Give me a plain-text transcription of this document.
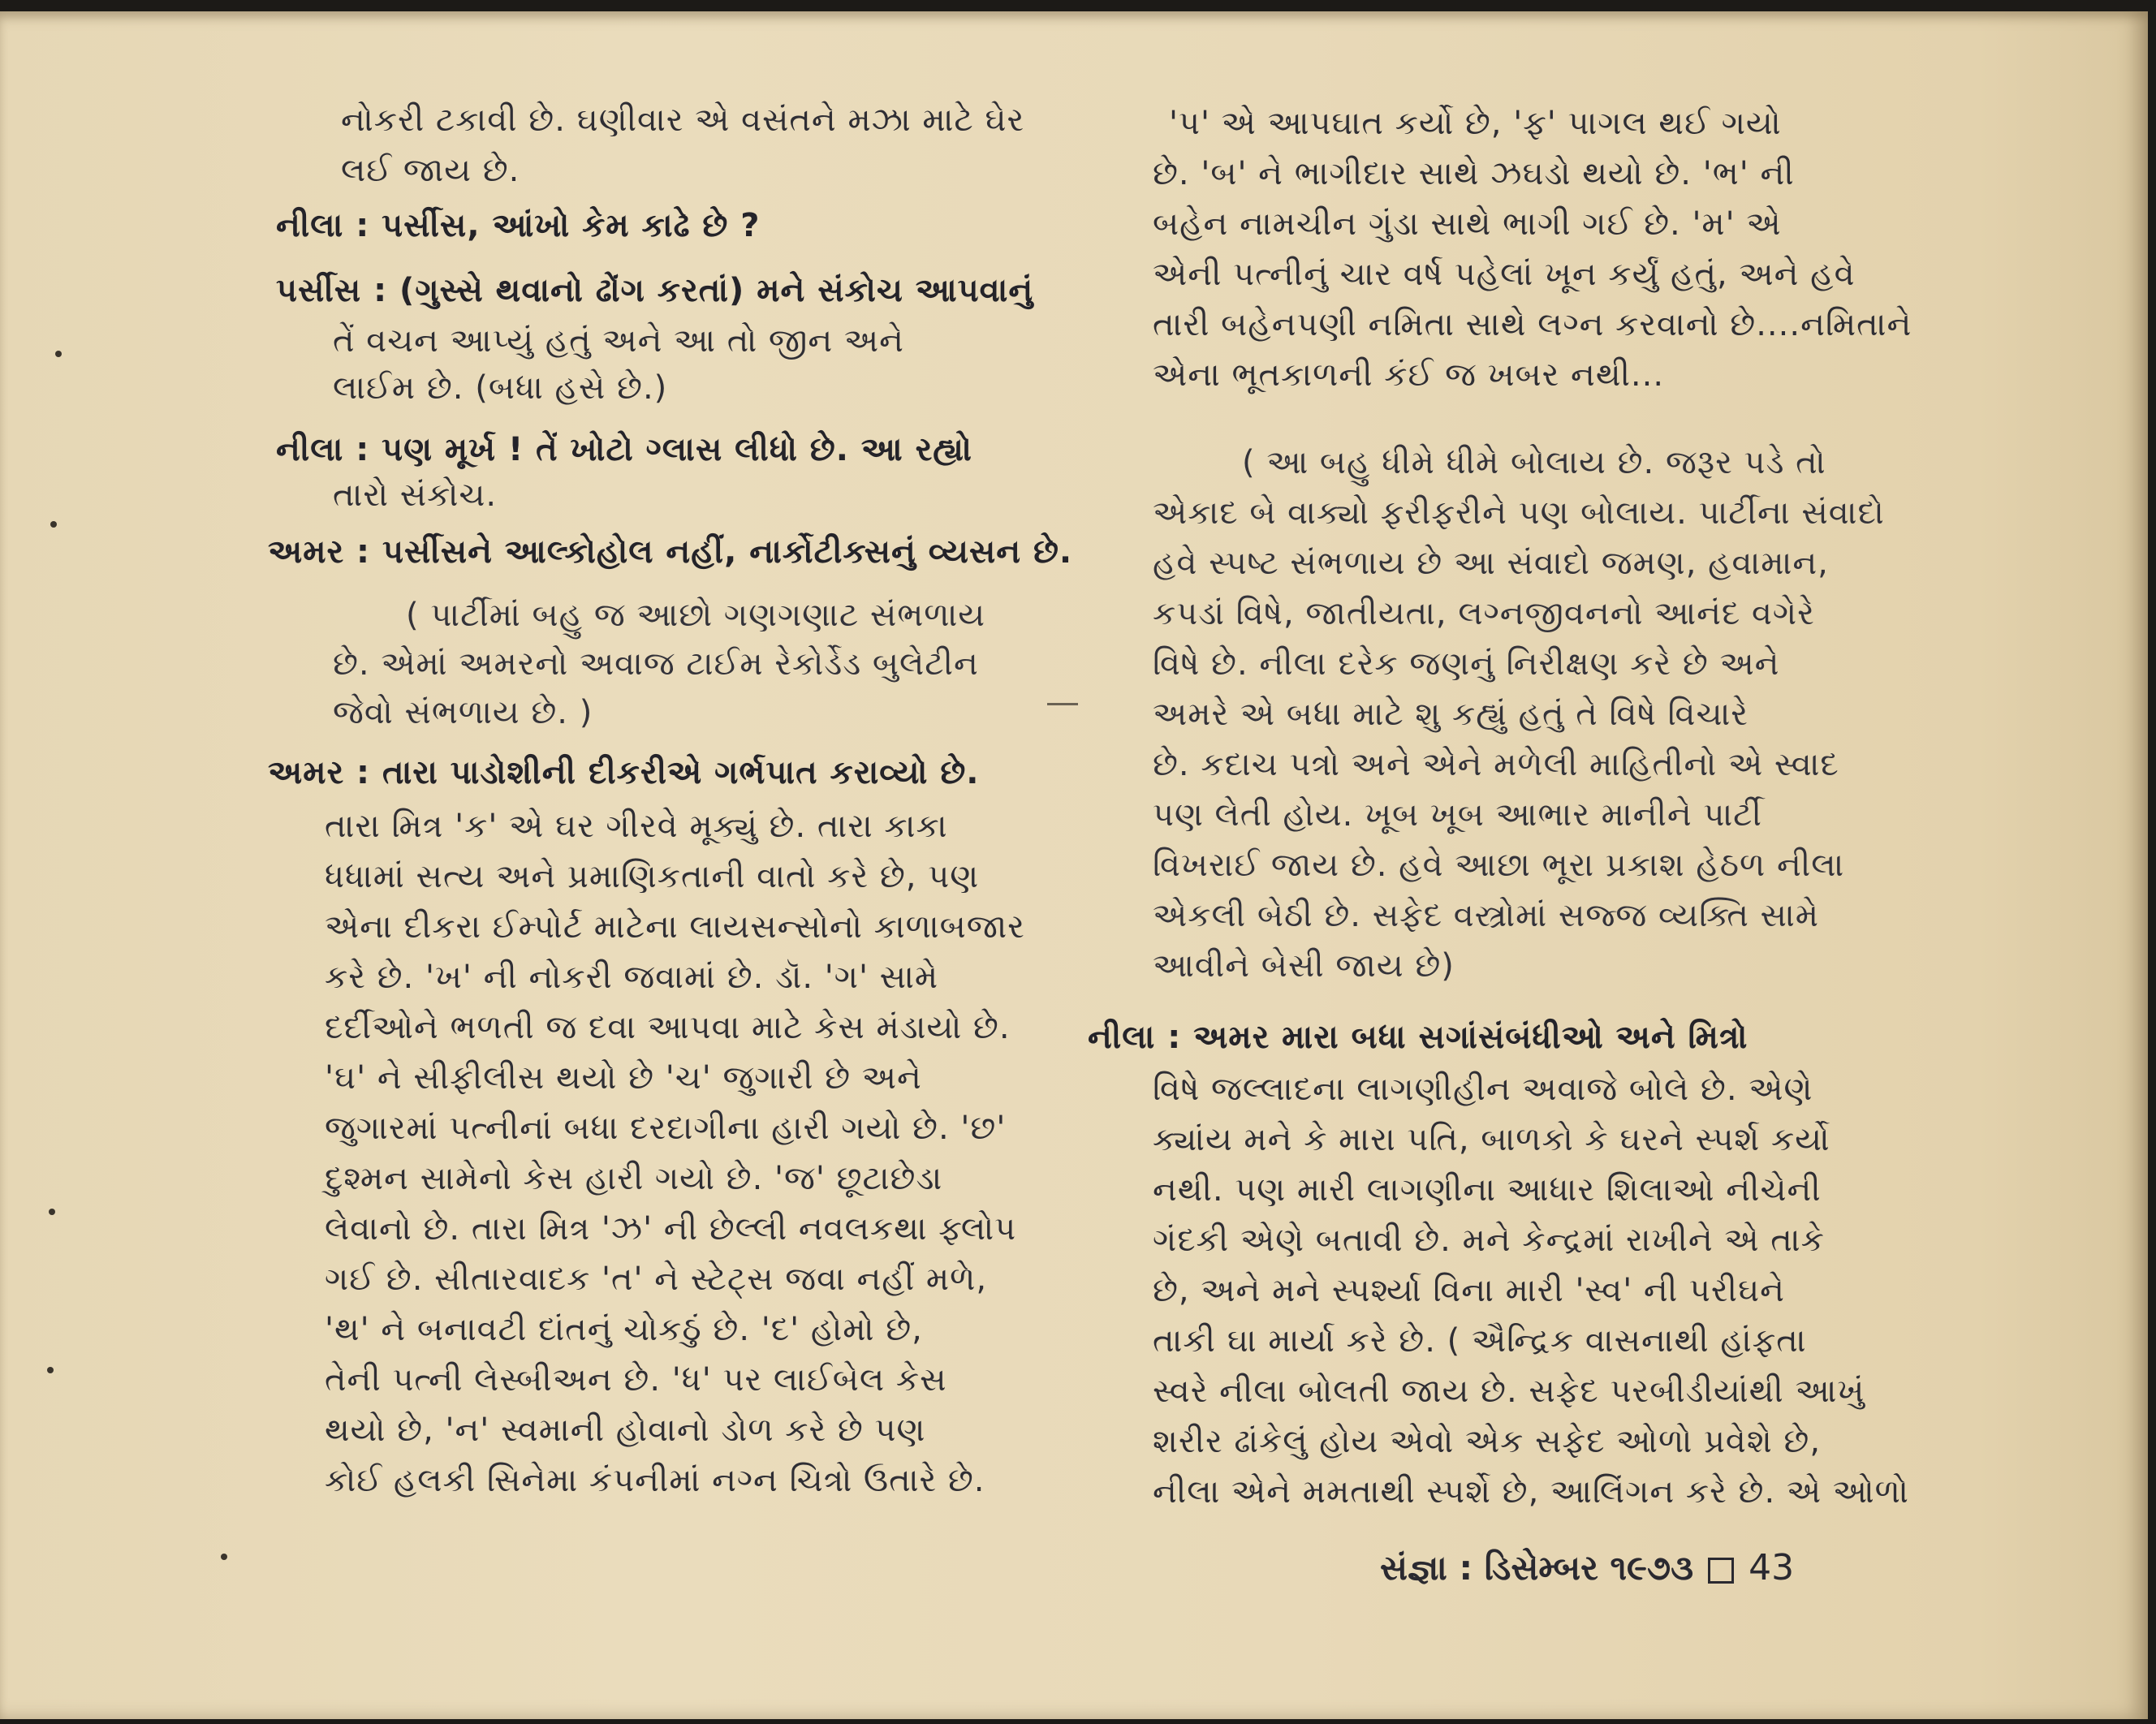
નોકરી ટકાવી છે. ઘણીવાર એ વસંતને મઝા માટે ઘેર
લઈ જાય છે.
નીલા : પર્સીસ, આંખો કેમ કાઢે છે ?
પર્સીસ : (ગુસ્સે થવાનો ઢોંગ કરતાં) મને સંકોચ આપવાનું
તેં વચન આપ્યું હતું અને આ તો જીન અને
લાઈમ છે. (બધા હસે છે.)
નીલા : પણ મૂર્ખ ! તેં ખોટો ગ્લાસ લીધો છે. આ રહ્યો
તારો સંકોચ.
અમર : પર્સીસને આલ્કોહોલ નહીં, નાર્કોટીક્સનું વ્યસન છે.
( પાર્ટીમાં બહુ જ આછો ગણગણાટ સંભળાય
છે. એમાં અમરનો અવાજ ટાઈમ રેકોર્ડેડ બુલેટીન
જેવો સંભળાય છે. )
અમર : તારા પાડોશીની દીકરીએ ગર્ભપાત કરાવ્યો છે.
તારા મિત્ર 'ક' એ ઘર ગીરવે મૂક્યું છે. તારા કાકા
ધધામાં સત્ય અને પ્રમાણિકતાની વાતો કરે છે, પણ
એના દીકરા ઈમ્પોર્ટ માટેના લાયસન્સોનો કાળાબજાર
કરે છે. 'ખ' ની નોકરી જવામાં છે. ડૉ. 'ગ' સામે
દર્દીઓને ભળતી જ દવા આપવા માટે કેસ મંડાયો છે.
'ઘ' ને સીફીલીસ થયો છે 'ચ' જુગારી છે અને
જુગારમાં પત્નીનાં બધા દરદાગીના હારી ગયો છે. 'છ'
દુશ્મન સામેનો કેસ હારી ગયો છે. 'જ' છૂટાછેડા
લેવાનો છે. તારા મિત્ર 'ઝ' ની છેલ્લી નવલકથા ફ્લોપ
ગઈ છે. સીતારવાદક 'ત' ને સ્ટેટ્સ જવા નહીં મળે,
'થ' ને બનાવટી દાંતનું ચોકઠું છે. 'દ' હોમો છે,
તેની પત્ની લેસ્બીઅન છે. 'ધ' પર લાઈબેલ કેસ
થયો છે, 'ન' સ્વમાની હોવાનો ડોળ કરે છે પણ
કોઈ હલકી સિનેમા કંપનીમાં નગ્ન ચિત્રો ઉતારે છે.
'પ' એ આપઘાત કર્યો છે, 'ફ' પાગલ થઈ ગયો
છે. 'બ' ને ભાગીદાર સાથે ઝઘડો થયો છે. 'ભ' ની
બહેન નામચીન ગુંડા સાથે ભાગી ગઈ છે. 'મ' એ
એની પત્નીનું ચાર વર્ષ પહેલાં ખૂન કર્યું હતું, અને હવે
તારી બહેનપણી નમિતા સાથે લગ્ન કરવાનો છે....નમિતાને
એના ભૂતકાળની કંઈ જ ખબર નથી...
( આ બહુ ધીમે ધીમે બોલાય છે. જરૂર પડે તો
એકાદ બે વાક્યો ફરીફરીને પણ બોલાય. પાર્ટીના સંવાદો
હવે સ્પષ્ટ સંભળાય છે આ સંવાદો જમણ, હવામાન,
કપડાં વિષે, જાતીયતા, લગ્નજીવનનો આનંદ વગેરે
વિષે છે. નીલા દરેક જણનું નિરીક્ષણ કરે છે અને
અમરે એ બધા માટે શુ કહ્યું હતું તે વિષે વિચારે
છે. કદાચ પત્રો અને એને મળેલી માહિતીનો એ સ્વાદ
પણ લેતી હોય. ખૂબ ખૂબ આભાર માનીને પાર્ટી
વિખરાઈ જાય છે. હવે આછા ભૂરા પ્રકાશ હેઠળ નીલા
એકલી બેઠી છે. સફેદ વસ્ત્રોમાં સજ્જ વ્યક્તિ સામે
આવીને બેસી જાય છે)
નીલા : અમર મારા બધા સગાંસંબંધીઓ અને મિત્રો
વિષે જલ્લાદના લાગણીહીન અવાજે બોલે છે. એણે
ક્યાંય મને કે મારા પતિ, બાળકો કે ઘરને સ્પર્શ કર્યો
નથી. પણ મારી લાગણીના આધાર શિલાઓ નીચેની
ગંદકી એણે બતાવી છે. મને કેન્દ્રમાં રાખીને એ તાકે
છે, અને મને સ્પર્શ્યા વિના મારી 'સ્વ' ની પરીઘને
તાકી ઘા માર્યા કરે છે. ( ઐન્દ્રિક વાસનાથી હાંફતા
સ્વરે નીલા બોલતી જાય છે. સફેદ પરબીડીયાંથી આખું
શરીર ઢાંકેલું હોય એવો એક સફેદ ઓળો પ્રવેશે છે,
નીલા એને મમતાથી સ્પર્શે છે, આલિંગન કરે છે. એ ઓળો
સંજ્ઞા : ડિસેમ્બર ૧૯૭૩ 43
